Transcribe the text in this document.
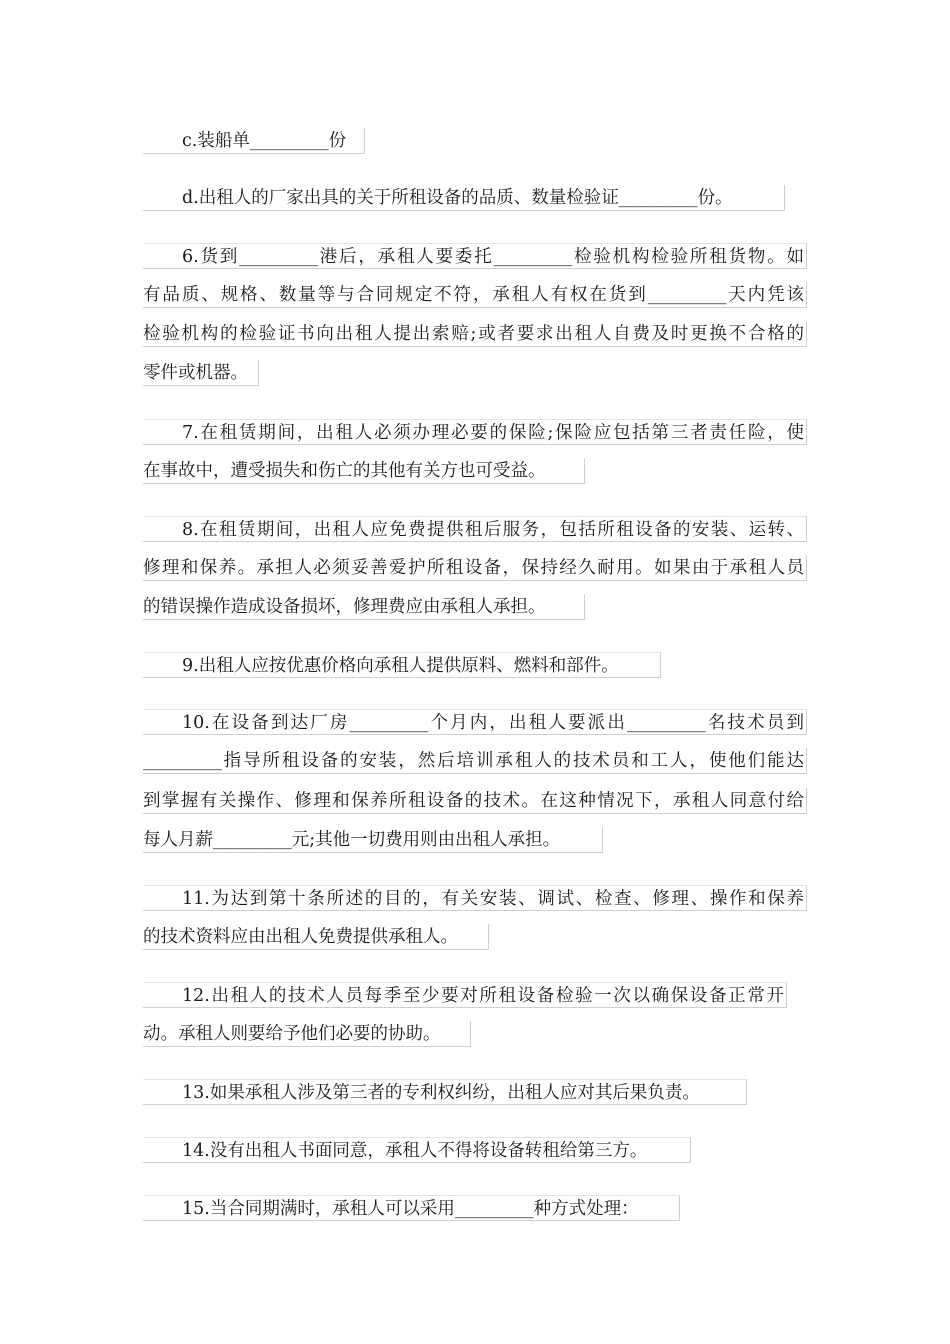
c.装船单_________份
d.出租人的厂家出具的关于所租设备的品质、数量检验证_________份。
6.货到_________港后，承租人要委托_________检验机构检验所租货物。如
有品质、规格、数量等与合同规定不符，承租人有权在货到_________天内凭该
检验机构的检验证书向出租人提出索赔;或者要求出租人自费及时更换不合格的
零件或机器。
7.在租赁期间，出租人必须办理必要的保险;保险应包括第三者责任险，使
在事故中，遭受损失和伤亡的其他有关方也可受益。
8.在租赁期间，出租人应免费提供租后服务，包括所租设备的安装、运转、
修理和保养。承担人必须妥善爱护所租设备，保持经久耐用。如果由于承租人员
的错误操作造成设备损坏，修理费应由承租人承担。
9.出租人应按优惠价格向承租人提供原料、燃料和部件。
10.在设备到达厂房_________个月内，出租人要派出_________名技术员到
_________指导所租设备的安装，然后培训承租人的技术员和工人，使他们能达
到掌握有关操作、修理和保养所租设备的技术。在这种情况下，承租人同意付给
每人月薪_________元;其他一切费用则由出租人承担。
11.为达到第十条所述的目的，有关安装、调试、检查、修理、操作和保养
的技术资料应由出租人免费提供承租人。
12.出租人的技术人员每季至少要对所租设备检验一次以确保设备正常开
动。承租人则要给予他们必要的协助。
13.如果承租人涉及第三者的专利权纠纷，出租人应对其后果负责。
14.没有出租人书面同意，承租人不得将设备转租给第三方。
15.当合同期满时，承租人可以采用_________种方式处理：
